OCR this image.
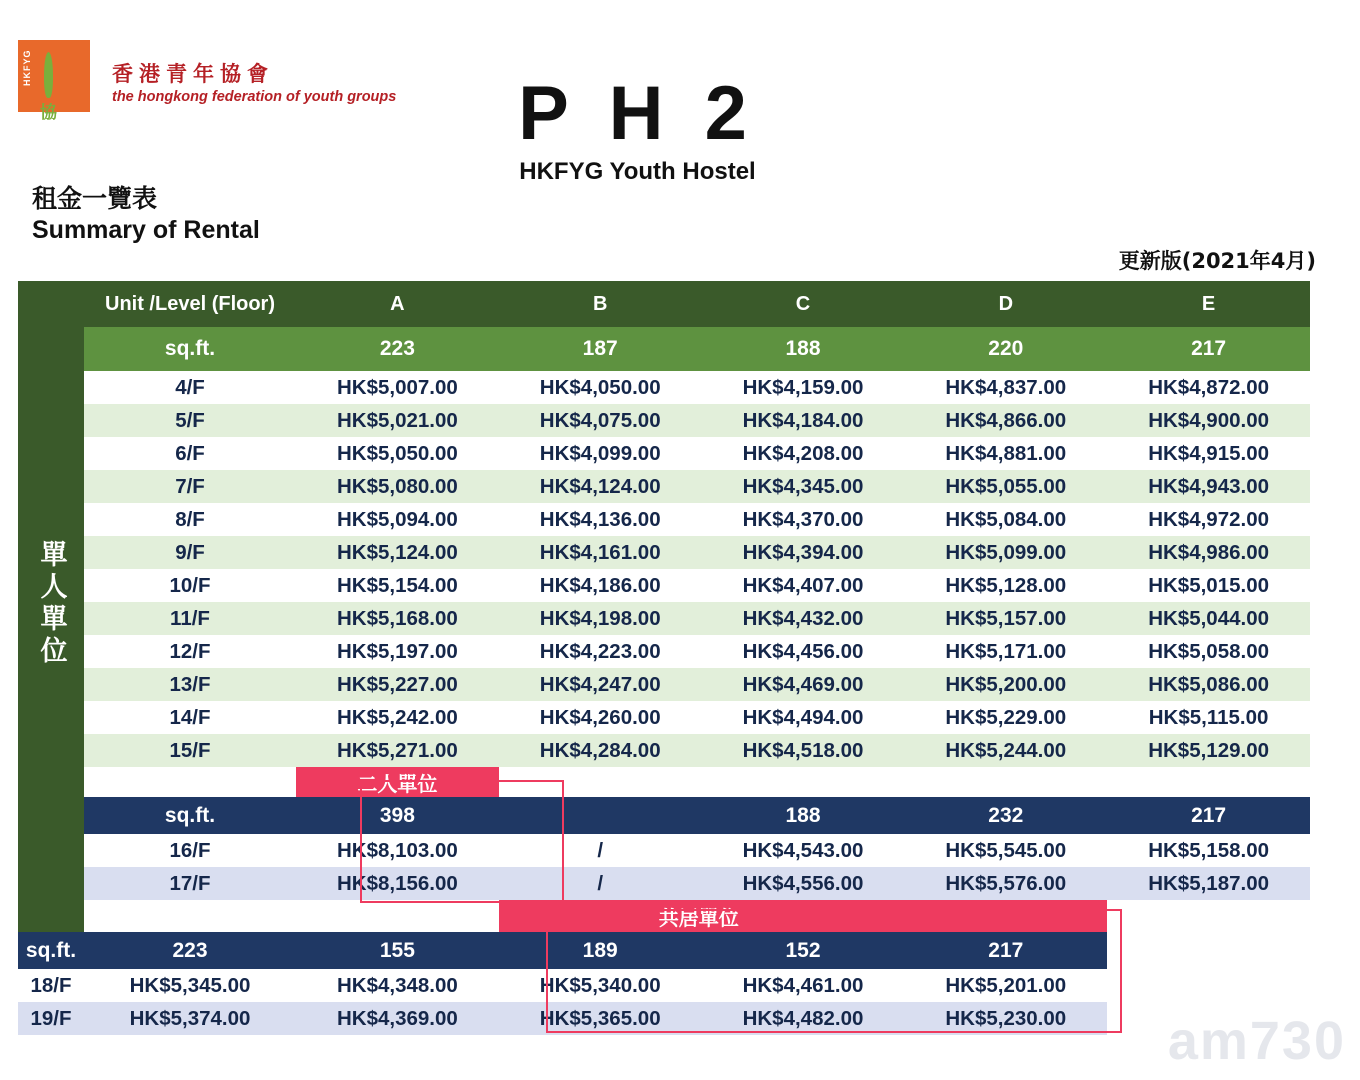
HKFYG
協
香港青年協會
the hongkong federation of youth groups	P H 2
HKFYG Youth Hostel
租金一覽表
Summary of Rental
更新版(2021年4月)
單人單位	Unit /Level (Floor)	A	B	C	D	E
	sq.ft.	223	187	188	220	217
	4/F	HK$5,007.00	HK$4,050.00	HK$4,159.00	HK$4,837.00	HK$4,872.00
	5/F	HK$5,021.00	HK$4,075.00	HK$4,184.00	HK$4,866.00	HK$4,900.00
	6/F	HK$5,050.00	HK$4,099.00	HK$4,208.00	HK$4,881.00	HK$4,915.00
	7/F	HK$5,080.00	HK$4,124.00	HK$4,345.00	HK$5,055.00	HK$4,943.00
	8/F	HK$5,094.00	HK$4,136.00	HK$4,370.00	HK$5,084.00	HK$4,972.00
	9/F	HK$5,124.00	HK$4,161.00	HK$4,394.00	HK$5,099.00	HK$4,986.00
	10/F	HK$5,154.00	HK$4,186.00	HK$4,407.00	HK$5,128.00	HK$5,015.00
	11/F	HK$5,168.00	HK$4,198.00	HK$4,432.00	HK$5,157.00	HK$5,044.00
	12/F	HK$5,197.00	HK$4,223.00	HK$4,456.00	HK$5,171.00	HK$5,058.00
	13/F	HK$5,227.00	HK$4,247.00	HK$4,469.00	HK$5,200.00	HK$5,086.00
	14/F	HK$5,242.00	HK$4,260.00	HK$4,494.00	HK$5,229.00	HK$5,115.00
	15/F	HK$5,271.00	HK$4,284.00	HK$4,518.00	HK$5,244.00	HK$5,129.00
		二人單位				
	sq.ft.	398		188	232	217
	16/F	HK$8,103.00	/	HK$4,543.00	HK$5,545.00	HK$5,158.00
	17/F	HK$8,156.00	/	HK$4,556.00	HK$5,576.00	HK$5,187.00
			共居單位			
sq.ft.	223	155	189	152	217	
18/F	HK$5,345.00	HK$4,348.00	HK$5,340.00	HK$4,461.00	HK$5,201.00	
19/F	HK$5,374.00	HK$4,369.00	HK$5,365.00	HK$4,482.00	HK$5,230.00	am730
